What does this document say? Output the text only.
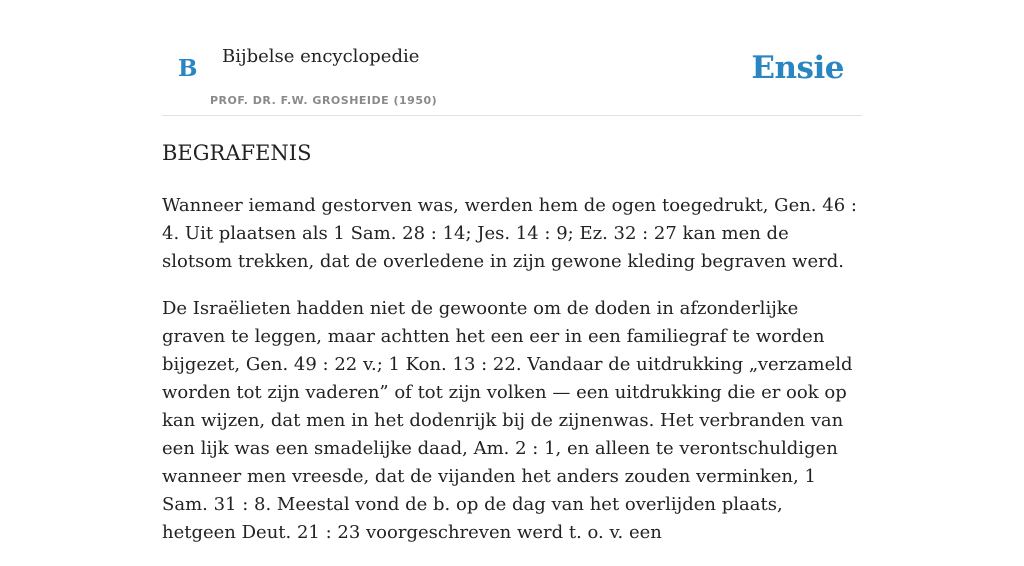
B Bijbelse encyclopedie
PROF. DR. F.W. GROSHEIDE (1950)
Ensie
BEGRAFENIS

Wanneer iemand gestorven was, werden hem de ogen toegedrukt, Gen. 46 : 4. Uit plaatsen als 1 Sam. 28 : 14; Jes. 14 : 9; Ez. 32 : 27 kan men de slotsom trekken, dat de overledene in zijn gewone kleding begraven werd.

De Israëlieten hadden niet de gewoonte om de doden in afzonderlijke graven te leggen, maar achtten het een eer in een familiegraf te worden bijgezet, Gen. 49 : 22 v.; 1 Kon. 13 : 22. Vandaar de uitdrukking „verzameld worden tot zijn vaderen” of tot zijn volken — een uitdrukking die er ook op kan wijzen, dat men in het dodenrijk bij de zijnenwas. Het verbranden van een lijk was een smadelijke daad, Am. 2 : 1, en alleen te verontschuldigen wanneer men vreesde, dat de vijanden het anders zouden verminken, 1 Sam. 31 : 8. Meestal vond de b. op de dag van het overlijden plaats, hetgeen Deut. 21 : 23 voorgeschreven werd t. o. v. een
